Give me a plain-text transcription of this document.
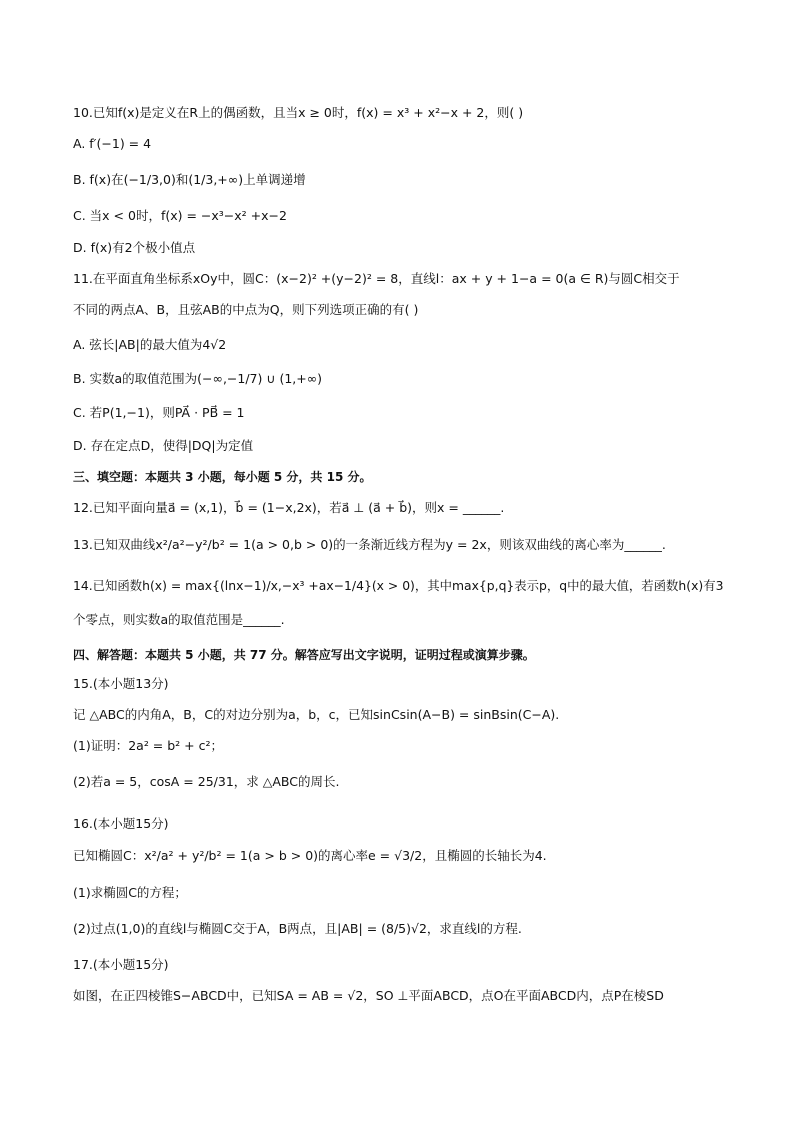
10.已知f(x)是定义在R上的偶函数，且当x ≥ 0时，f(x) = x³ + x²−x + 2，则( )
A. f′(−1) = 4
B. f(x)在(−1/3,0)和(1/3,+∞)上单调递增
C. 当x < 0时，f(x) = −x³−x² +x−2
D. f(x)有2个极小值点
11.在平面直角坐标系xOy中，圆C：(x−2)² +(y−2)² = 8，直线l：ax + y + 1−a = 0(a ∈ R)与圆C相交于
不同的两点A、B，且弦AB的中点为Q，则下列选项正确的有( )
A. 弦长|AB|的最大值为4√2
B. 实数a的取值范围为(−∞,−1/7) ∪ (1,+∞)
C. 若P(1,−1)，则PA⃗ · PB⃗ = 1
D. 存在定点D，使得|DQ|为定值
三、填空题：本题共 3 小题，每小题 5 分，共 15 分。
12.已知平面向量a⃗ = (x,1)，b⃗ = (1−x,2x)，若a⃗ ⊥ (a⃗ + b⃗)，则x = ______.
13.已知双曲线x²/a²−y²/b² = 1(a > 0,b > 0)的一条渐近线方程为y = 2x，则该双曲线的离心率为______.
14.已知函数h(x) = max{(lnx−1)/x,−x³ +ax−1/4}(x > 0)，其中max{p,q}表示p，q中的最大值，若函数h(x)有3
个零点，则实数a的取值范围是______.
四、解答题：本题共 5 小题，共 77 分。解答应写出文字说明，证明过程或演算步骤。
15.(本小题13分)
记 △ABC的内角A，B，C的对边分别为a，b，c，已知sinCsin(A−B) = sinBsin(C−A).
(1)证明：2a² = b² + c²；
(2)若a = 5，cosA = 25/31，求 △ABC的周长.
16.(本小题15分)
已知椭圆C：x²/a² + y²/b² = 1(a > b > 0)的离心率e = √3/2，且椭圆的长轴长为4.
(1)求椭圆C的方程；
(2)过点(1,0)的直线l与椭圆C交于A，B两点，且|AB| = (8/5)√2，求直线l的方程.
17.(本小题15分)
如图，在正四棱锥S−ABCD中，已知SA = AB = √2，SO ⊥平面ABCD，点O在平面ABCD内，点P在棱SD
